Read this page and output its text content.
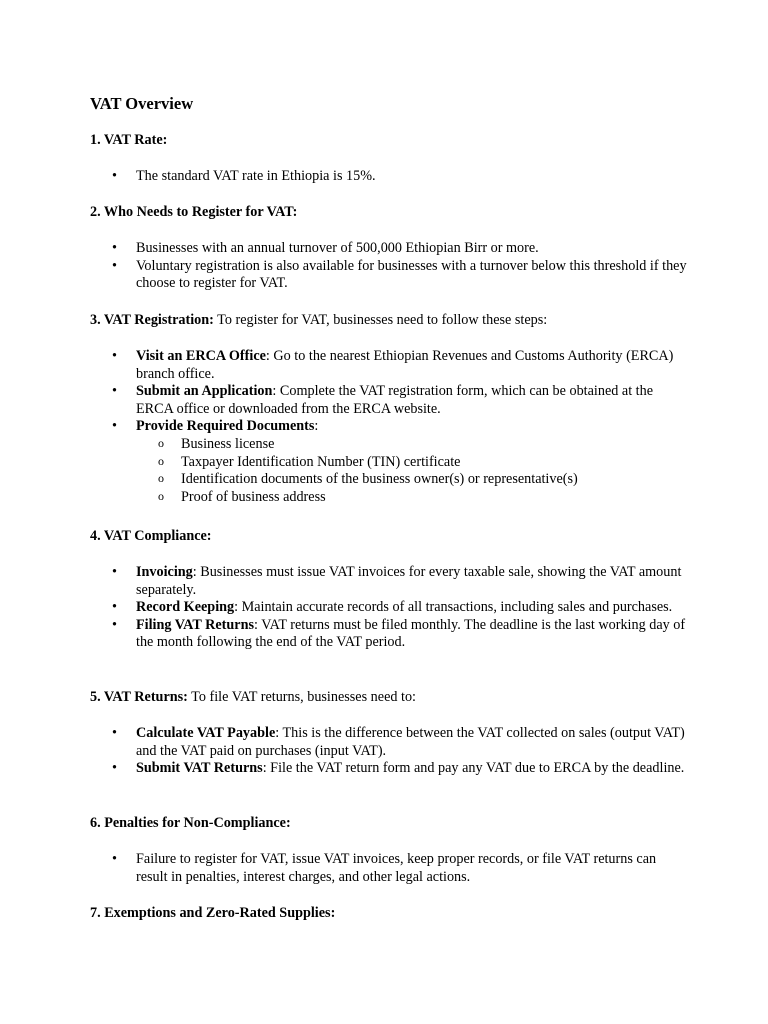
VAT Overview

1. VAT Rate:

• The standard VAT rate in Ethiopia is 15%.

2. Who Needs to Register for VAT:

• Businesses with an annual turnover of 500,000 Ethiopian Birr or more.
• Voluntary registration is also available for businesses with a turnover below this threshold if they choose to register for VAT.

3. VAT Registration: To register for VAT, businesses need to follow these steps:

• Visit an ERCA Office: Go to the nearest Ethiopian Revenues and Customs Authority (ERCA) branch office.
• Submit an Application: Complete the VAT registration form, which can be obtained at the ERCA office or downloaded from the ERCA website.
• Provide Required Documents:
o Business license
o Taxpayer Identification Number (TIN) certificate
o Identification documents of the business owner(s) or representative(s)
o Proof of business address

4. VAT Compliance:

• Invoicing: Businesses must issue VAT invoices for every taxable sale, showing the VAT amount separately.
• Record Keeping: Maintain accurate records of all transactions, including sales and purchases.
• Filing VAT Returns: VAT returns must be filed monthly. The deadline is the last working day of the month following the end of the VAT period.

5. VAT Returns: To file VAT returns, businesses need to:

• Calculate VAT Payable: This is the difference between the VAT collected on sales (output VAT) and the VAT paid on purchases (input VAT).
• Submit VAT Returns: File the VAT return form and pay any VAT due to ERCA by the deadline.

6. Penalties for Non-Compliance:

• Failure to register for VAT, issue VAT invoices, keep proper records, or file VAT returns can result in penalties, interest charges, and other legal actions.

7. Exemptions and Zero-Rated Supplies:
